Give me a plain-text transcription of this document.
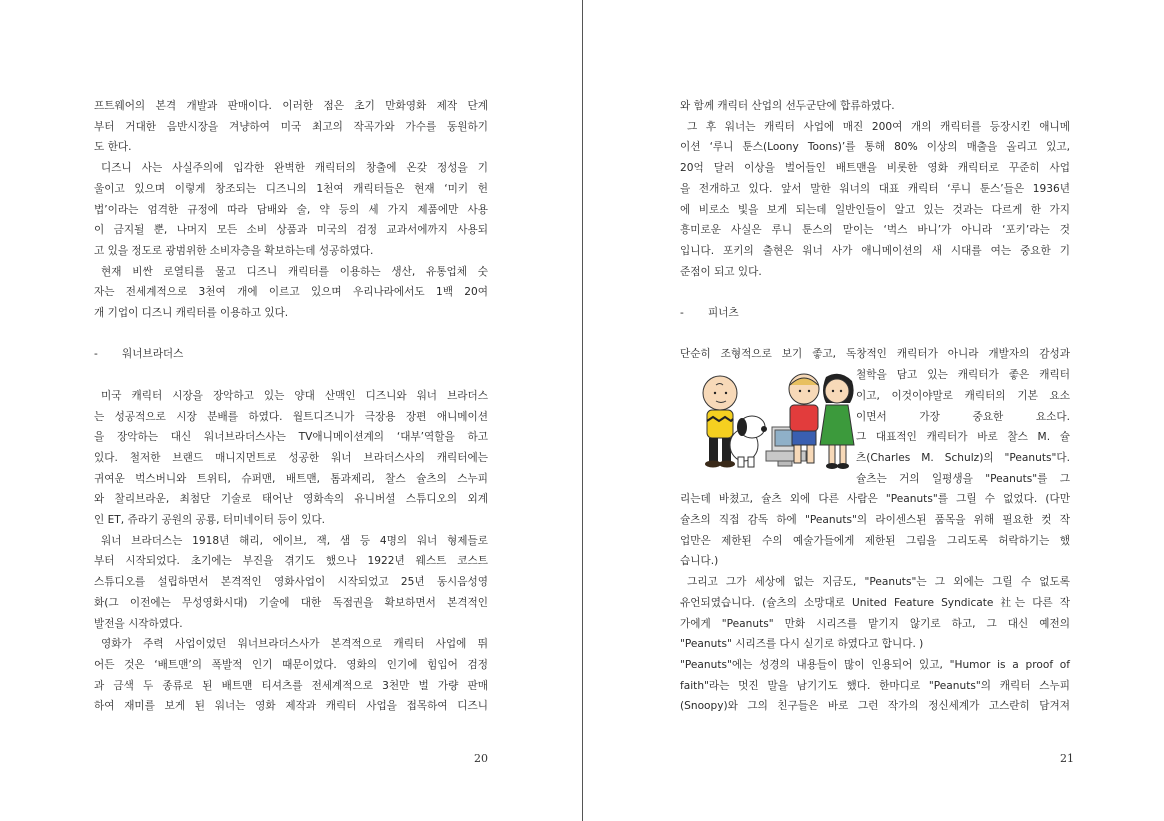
프트웨어의 본격 개발과 판매이다. 이러한 점은 초기 만화영화 제작 단계
부터 거대한 음반시장을 겨냥하여 미국 최고의 작곡가와 가수를 동원하기
도 한다.
디즈니 사는 사실주의에 입각한 완벽한 캐릭터의 창출에 온갖 정성을 기
울이고 있으며 이렇게 창조되는 디즈니의 1천여 캐릭터들은 현재 ‘미키 헌
법’이라는 엄격한 규정에 따라 담배와 술, 약 등의 세 가지 제품에만 사용
이 금지될 뿐, 나머지 모든 소비 상품과 미국의 검정 교과서에까지 사용되
고 있을 정도로 광범위한 소비자층을 확보하는데 성공하였다.
현재 비싼 로열티를 물고 디즈니 캐릭터를 이용하는 생산, 유통업체 숫
자는 전세계적으로 3천여 개에 이르고 있으며 우리나라에서도 1백 20여
개 기업이 디즈니 캐릭터를 이용하고 있다.
- 워너브라더스
미국 캐릭터 시장을 장악하고 있는 양대 산맥인 디즈니와 워너 브라더스
는 성공적으로 시장 분배를 하였다. 월트디즈니가 극장용 장편 애니메이션
을 장악하는 대신 워너브라더스사는 TV애니메이션계의 ‘대부’역할을 하고
있다. 철저한 브랜드 매니지먼트로 성공한 워너 브라더스사의 캐릭터에는
귀여운 벅스버니와 트위티, 슈퍼맨, 배트맨, 톰과제리, 찰스 슐츠의 스누피
와 찰리브라운, 최첨단 기술로 태어난 영화속의 유니버셜 스튜디오의 외계
인 ET, 쥬라기 공원의 공룡, 터미네이터 등이 있다.
워너 브라더스는 1918년 해리, 에이브, 잭, 샘 등 4명의 워너 형제들로
부터 시작되었다. 초기에는 부진을 겪기도 했으나 1922년 웨스트 코스트
스튜디오를 설립하면서 본격적인 영화사업이 시작되었고 25년 동시음성영
화(그 이전에는 무성영화시대) 기술에 대한 독점권을 확보하면서 본격적인
발전을 시작하였다.
영화가 주력 사업이었던 워너브라더스사가 본격적으로 캐릭터 사업에 뛰
어든 것은 ‘배트맨’의 폭발적 인기 때문이었다. 영화의 인기에 힘입어 검정
과 금색 두 종류로 된 배트맨 티셔츠를 전세계적으로 3천만 벌 가량 판매
하여 재미를 보게 된 워너는 영화 제작과 캐릭터 사업을 접목하여 디즈니
20
와 함께 캐릭터 산업의 선두군단에 합류하였다.
그 후 워너는 캐릭터 사업에 매진 200여 개의 캐릭터를 등장시킨 애니메
이션 ‘루니 툰스(Loony Toons)’를 통해 80% 이상의 매출을 올리고 있고,
20억 달러 이상을 벌어들인 배트맨을 비롯한 영화 캐릭터로 꾸준히 사업
을 전개하고 있다. 앞서 말한 워너의 대표 캐릭터 ‘루니 툰스’들은 1936년
에 비로소 빛을 보게 되는데 일반인들이 알고 있는 것과는 다르게 한 가지
흥미로운 사실은 루니 툰스의 맏이는 ‘벅스 바니’가 아니라 ‘포키’라는 것
입니다. 포키의 출현은 워너 사가 애니메이션의 새 시대를 여는 중요한 기
준점이 되고 있다.
- 피너츠
단순히 조형적으로 보기 좋고, 독창적인 캐릭터가 아니라 개발자의 감성과
철학을 담고 있는 캐릭터가 좋은 캐릭터
이고, 이것이야말로 캐릭터의 기본 요소
이면서 가장 중요한 요소다.
그 대표적인 캐릭터가 바로 찰스 M. 슐
츠(Charles M. Schulz)의 "Peanuts"다.
슐츠는 거의 일평생을 "Peanuts"를 그
리는데 바쳤고, 슐츠 외에 다른 사람은 "Peanuts"를 그릴 수 없었다. (다만
슐츠의 직접 감독 하에 "Peanuts"의 라이센스된 품목을 위해 필요한 컷 작
업만은 제한된 수의 예술가들에게 제한된 그림을 그리도록 허락하기는 했
습니다.)
그리고 그가 세상에 없는 지금도, "Peanuts"는 그 외에는 그릴 수 없도록
유언되였습니다. (슐츠의 소망대로 United Feature Syndicate 社는 다른 작
가에게 "Peanuts" 만화 시리즈를 맡기지 않기로 하고, 그 대신 예전의
"Peanuts" 시리즈를 다시 싣기로 하였다고 합니다. )
"Peanuts"에는 성경의 내용들이 많이 인용되어 있고, "Humor is a proof of
faith"라는 멋진 말을 남기기도 했다. 한마디로 "Peanuts"의 캐릭터 스누피
(Snoopy)와 그의 친구들은 바로 그런 작가의 정신세계가 고스란히 담겨져
21
